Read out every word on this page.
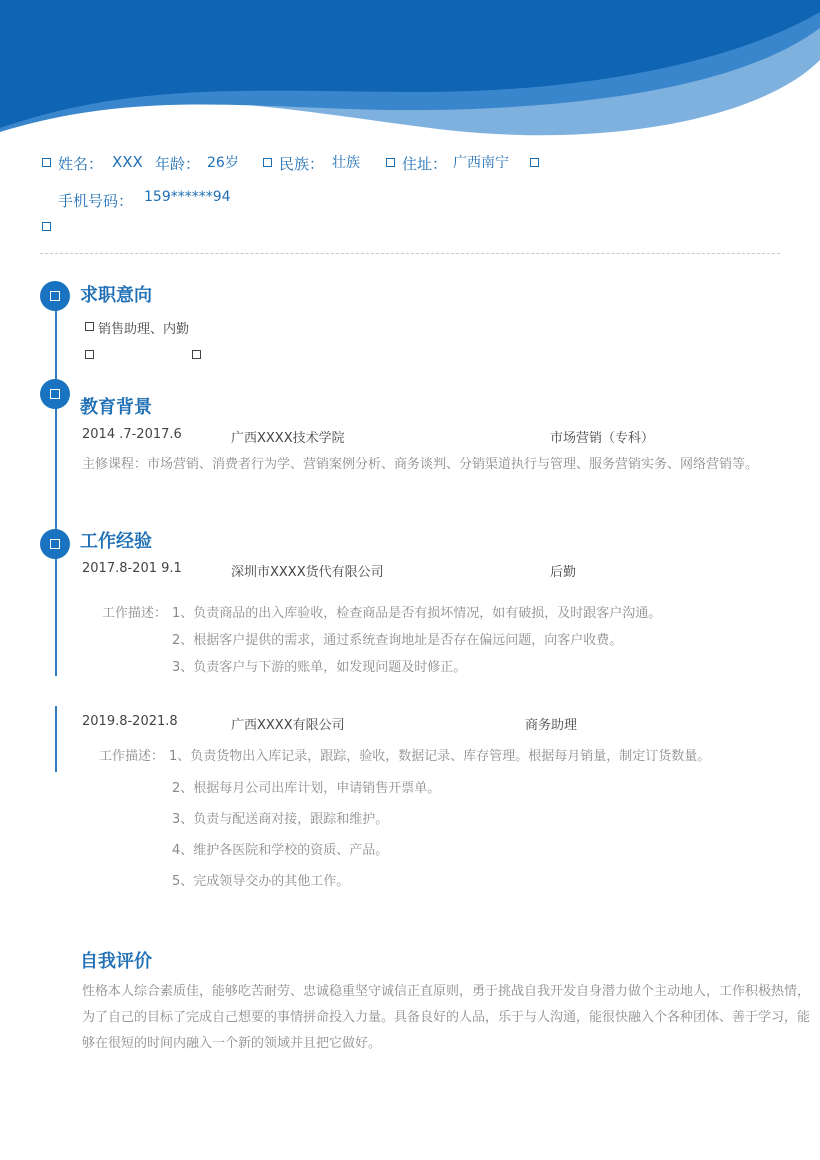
姓名： XXX 年龄： 26岁	民族： 壮族	住址： 广西南宁
手机号码： 159******94
求职意向
销售助理、内勤
教育背景
2014 .7-2017.6	广西XXXX技术学院	市场营销（专科）
主修课程：市场营销、消费者行为学、营销案例分析、商务谈判、分销渠道执行与管理、服务营销实务、网络营销等。
工作经验
2017.8-201 9.1	深圳市XXXX货代有限公司	后勤
工作描述： 1、负责商品的出入库验收，检查商品是否有损坏情况，如有破损，及时跟客户沟通。
2、根据客户提供的需求，通过系统查询地址是否存在偏远问题，向客户收费。
3、负责客户与下游的账单，如发现问题及时修正。
2019.8-2021.8	广西XXXX有限公司	商务助理
工作描述： 1、负责货物出入库记录，跟踪，验收，数据记录、库存管理。根据每月销量，制定订货数量。
2、根据每月公司出库计划，申请销售开票单。
3、负责与配送商对接，跟踪和维护。
4、维护各医院和学校的资质、产品。
5、完成领导交办的其他工作。
自我评价
性格本人综合素质佳，能够吃苦耐劳、忠诚稳重坚守诚信正直原则，勇于挑战自我开发自身潜力做个主动地人，工作积极热情，为了自己的目标了完成自己想要的事情拼命投入力量。具备良好的人品，乐于与人沟通，能很快融入个各种团体、善于学习，能够在很短的时间内融入一个新的领域并且把它做好。
